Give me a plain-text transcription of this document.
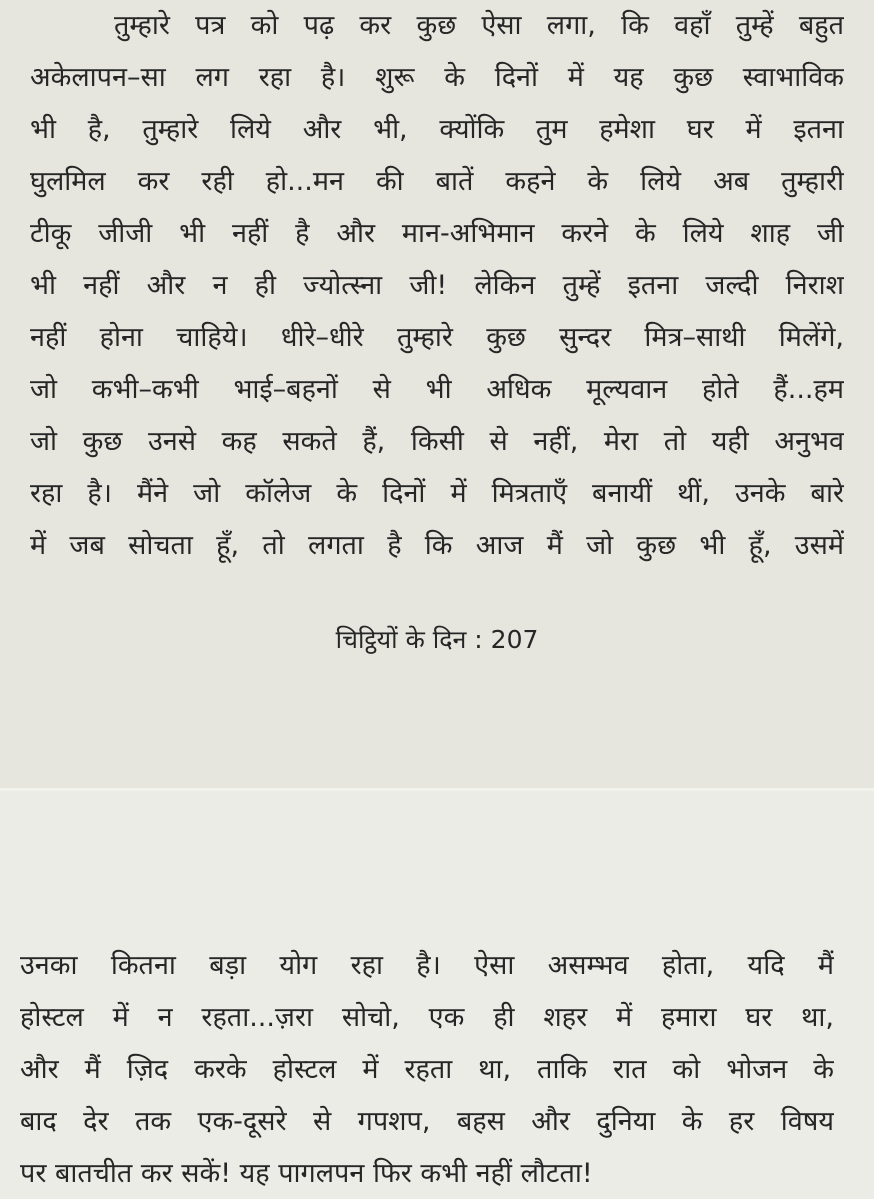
तुम्हारे पत्र को पढ़ कर कुछ ऐसा लगा, कि वहाँ तुम्हें बहुत
अकेलापन–सा लग रहा है। शुरू के दिनों में यह कुछ स्वाभाविक
भी है, तुम्हारे लिये और भी, क्योंकि तुम हमेशा घर में इतना
घुलमिल कर रही हो...मन की बातें कहने के लिये अब तुम्हारी
टीकू जीजी भी नहीं है और मान-अभिमान करने के लिये शाह जी
भी नहीं और न ही ज्योत्स्ना जी! लेकिन तुम्हें इतना जल्दी निराश
नहीं होना चाहिये। धीरे–धीरे तुम्हारे कुछ सुन्दर मित्र–साथी मिलेंगे,
जो कभी–कभी भाई–बहनों से भी अधिक मूल्यवान होते हैं...हम
जो कुछ उनसे कह सकते हैं, किसी से नहीं, मेरा तो यही अनुभव
रहा है। मैंने जो कॉलेज के दिनों में मित्रताएँ बनायीं थीं, उनके बारे
में जब सोचता हूँ, तो लगता है कि आज मैं जो कुछ भी हूँ, उसमें
चिट्ठियों के दिन : 207
उनका कितना बड़ा योग रहा है। ऐसा असम्भव होता, यदि मैं
होस्टल में न रहता...ज़रा सोचो, एक ही शहर में हमारा घर था,
और मैं ज़िद करके होस्टल में रहता था, ताकि रात को भोजन के
बाद देर तक एक-दूसरे से गपशप, बहस और दुनिया के हर विषय
पर बातचीत कर सकें! यह पागलपन फिर कभी नहीं लौटता!
